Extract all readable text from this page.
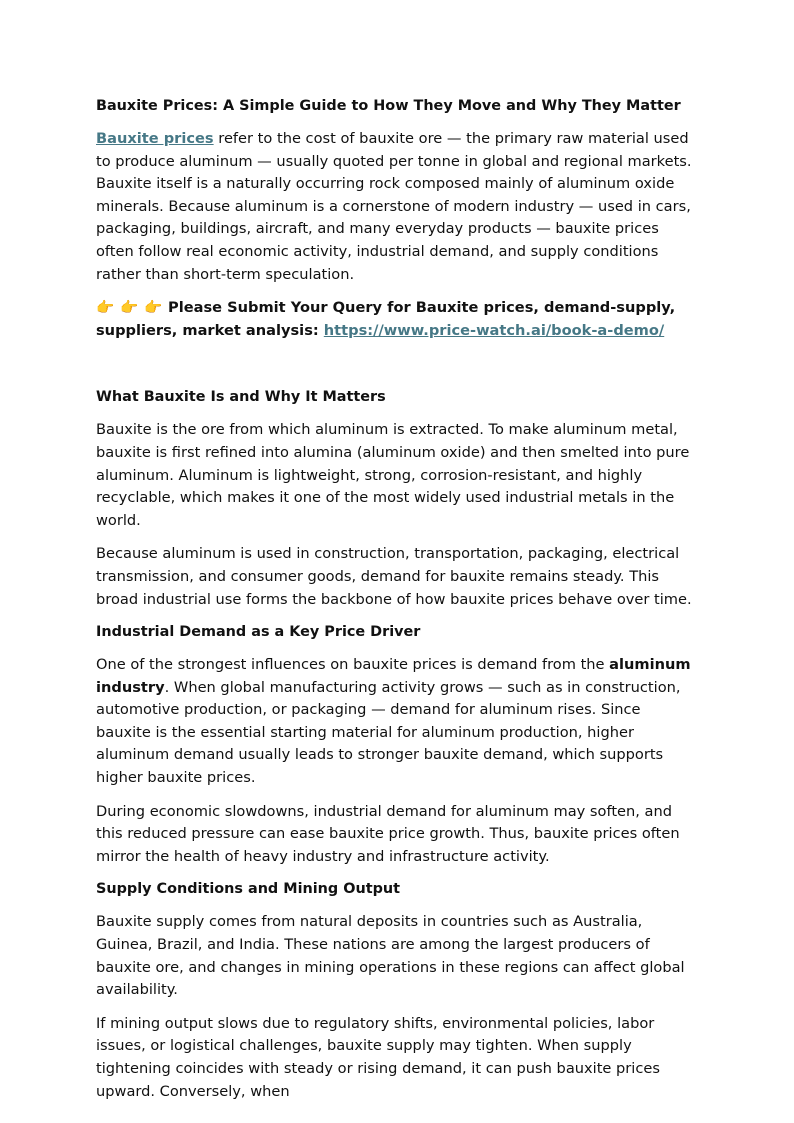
Bauxite Prices: A Simple Guide to How They Move and Why They Matter

Bauxite prices refer to the cost of bauxite ore — the primary raw material used to produce aluminum — usually quoted per tonne in global and regional markets. Bauxite itself is a naturally occurring rock composed mainly of aluminum oxide minerals. Because aluminum is a cornerstone of modern industry — used in cars, packaging, buildings, aircraft, and many everyday products — bauxite prices often follow real economic activity, industrial demand, and supply conditions rather than short-term speculation.

👉 👉 👉 Please Submit Your Query for Bauxite prices, demand-supply, suppliers, market analysis: https://www.price-watch.ai/book-a-demo/

What Bauxite Is and Why It Matters

Bauxite is the ore from which aluminum is extracted. To make aluminum metal, bauxite is first refined into alumina (aluminum oxide) and then smelted into pure aluminum. Aluminum is lightweight, strong, corrosion-resistant, and highly recyclable, which makes it one of the most widely used industrial metals in the world.

Because aluminum is used in construction, transportation, packaging, electrical transmission, and consumer goods, demand for bauxite remains steady. This broad industrial use forms the backbone of how bauxite prices behave over time.

Industrial Demand as a Key Price Driver

One of the strongest influences on bauxite prices is demand from the aluminum industry. When global manufacturing activity grows — such as in construction, automotive production, or packaging — demand for aluminum rises. Since bauxite is the essential starting material for aluminum production, higher aluminum demand usually leads to stronger bauxite demand, which supports higher bauxite prices.

During economic slowdowns, industrial demand for aluminum may soften, and this reduced pressure can ease bauxite price growth. Thus, bauxite prices often mirror the health of heavy industry and infrastructure activity.

Supply Conditions and Mining Output

Bauxite supply comes from natural deposits in countries such as Australia, Guinea, Brazil, and India. These nations are among the largest producers of bauxite ore, and changes in mining operations in these regions can affect global availability.

If mining output slows due to regulatory shifts, environmental policies, labor issues, or logistical challenges, bauxite supply may tighten. When supply tightening coincides with steady or rising demand, it can push bauxite prices upward. Conversely, when
